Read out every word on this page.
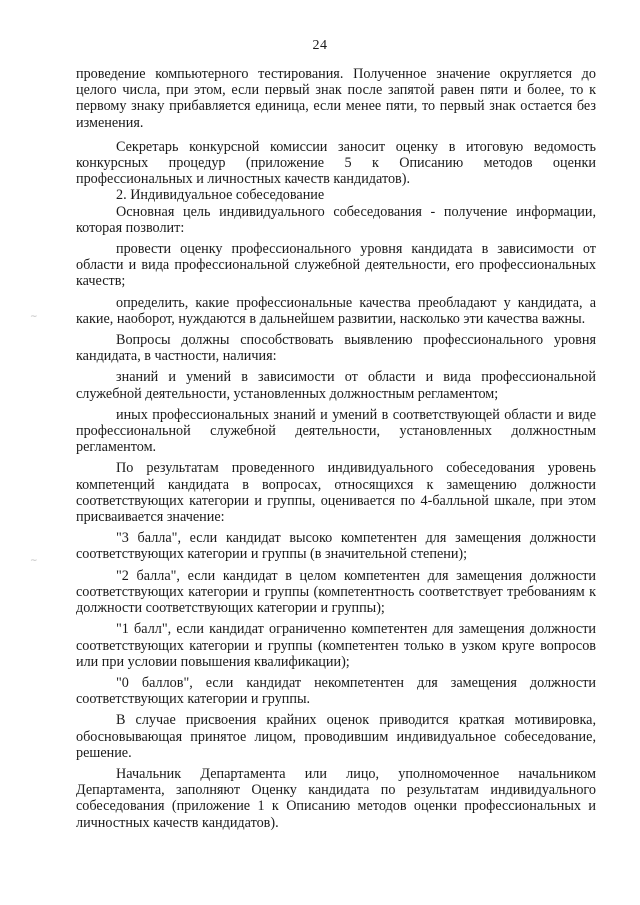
24
~
~

проведение компьютерного тестирования. Полученное значение округляется до целого числа, при этом, если первый знак после запятой равен пяти и более, то к первому знаку прибавляется единица, если менее пяти, то первый знак остается без изменения.

Секретарь конкурсной комиссии заносит оценку в итоговую ведомость конкурсных процедур (приложение 5 к Описанию методов оценки профессиональных и личностных качеств кандидатов).

2. Индивидуальное собеседование

Основная цель индивидуального собеседования - получение информации, которая позволит:

провести оценку профессионального уровня кандидата в зависимости от области и вида профессиональной служебной деятельности, его профессиональных качеств;

определить, какие профессиональные качества преобладают у кандидата, а какие, наоборот, нуждаются в дальнейшем развитии, насколько эти качества важны.

Вопросы должны способствовать выявлению профессионального уровня кандидата, в частности, наличия:

знаний и умений в зависимости от области и вида профессиональной служебной деятельности, установленных должностным регламентом;

иных профессиональных знаний и умений в соответствующей области и виде профессиональной служебной деятельности, установленных должностным регламентом.

По результатам проведенного индивидуального собеседования уровень компетенций кандидата в вопросах, относящихся к замещению должности соответствующих категории и группы, оценивается по 4-балльной шкале, при этом присваивается значение:

"3 балла", если кандидат высоко компетентен для замещения должности соответствующих категории и группы (в значительной степени);

"2 балла", если кандидат в целом компетентен для замещения должности соответствующих категории и группы (компетентность соответствует требованиям к должности соответствующих категории и группы);

"1 балл", если кандидат ограниченно компетентен для замещения должности соответствующих категории и группы (компетентен только в узком круге вопросов или при условии повышения квалификации);

"0 баллов", если кандидат некомпетентен для замещения должности соответствующих категории и группы.

В случае присвоения крайних оценок приводится краткая мотивировка, обосновывающая принятое лицом, проводившим индивидуальное собеседование, решение.

Начальник Департамента или лицо, уполномоченное начальником Департамента, заполняют Оценку кандидата по результатам индивидуального собеседования (приложение 1 к Описанию методов оценки профессиональных и личностных качеств кандидатов).
